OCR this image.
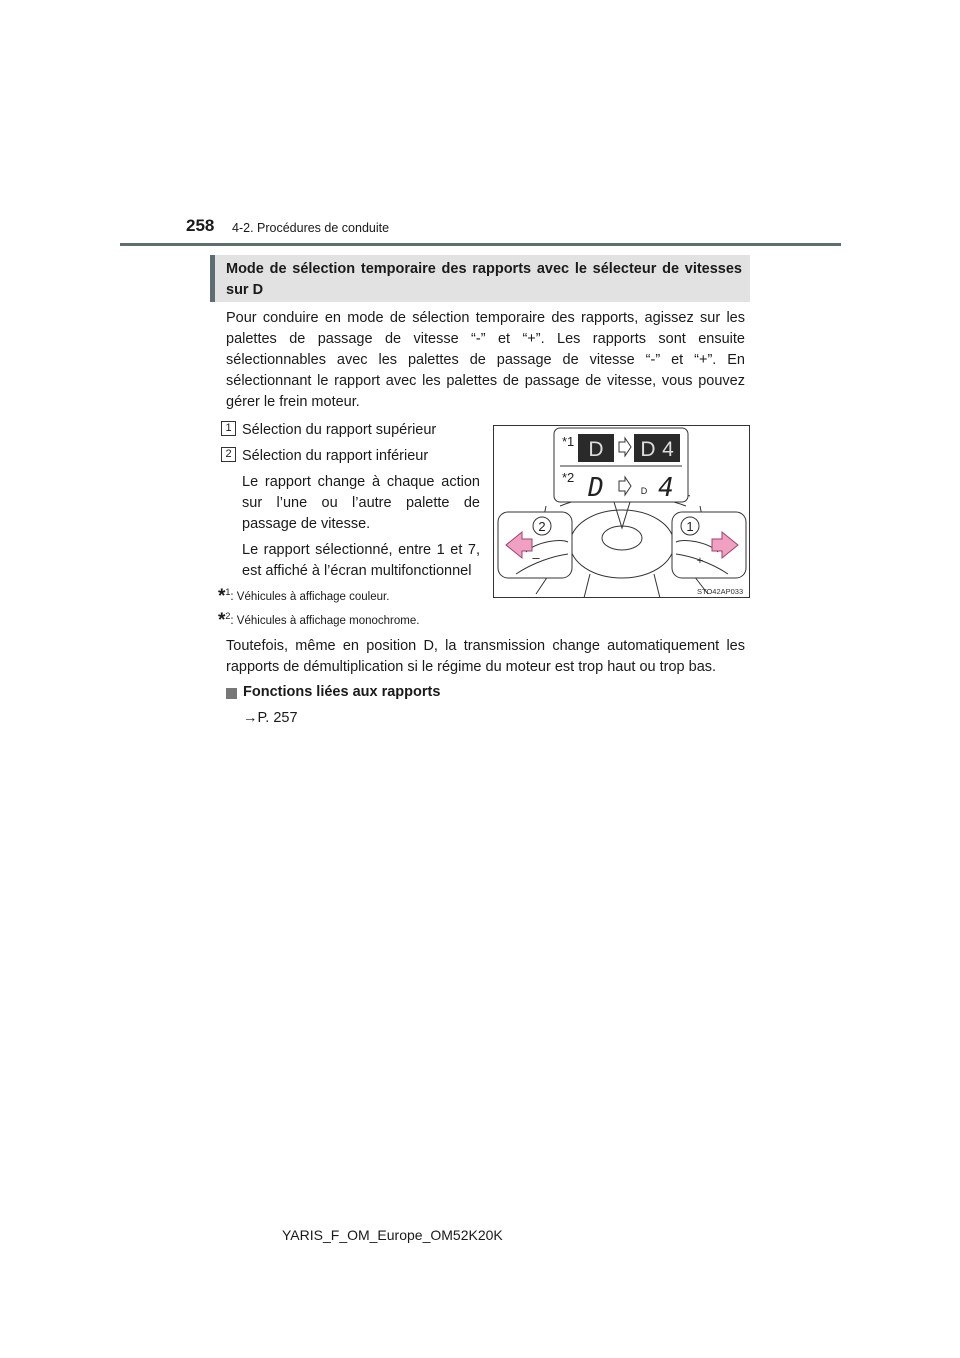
258 4-2. Procédures de conduite
Mode de sélection temporaire des rapports avec le sélecteur de vitesses sur D
Pour conduire en mode de sélection temporaire des rapports, agissez sur les palettes de passage de vitesse “-” et “+”. Les rapports sont ensuite sélectionnables avec les palettes de passage de vitesse “-” et “+”. En sélectionnant le rapport avec les palettes de passage de vitesse, vous pouvez gérer le frein moteur.
1 Sélection du rapport supérieur
2 Sélection du rapport inférieur
Le rapport change à chaque action sur l’une ou l’autre palette de passage de vitesse.
Le rapport sélectionné, entre 1 et 7, est affiché à l’écran multifonctionnel
*$^1$: Véhicules à affichage couleur.
*$^2$: Véhicules à affichage monochrome.
Toutefois, même en position D, la transmission change automatiquement les rapports de démultiplication si le régime du moteur est trop haut ou trop bas.
Fonctions liées aux rapports
→P. 257
D D 4
D	D 4
*1
*2
–
2
+
1
STO42AP033
YARIS_F_OM_Europe_OM52K20K
